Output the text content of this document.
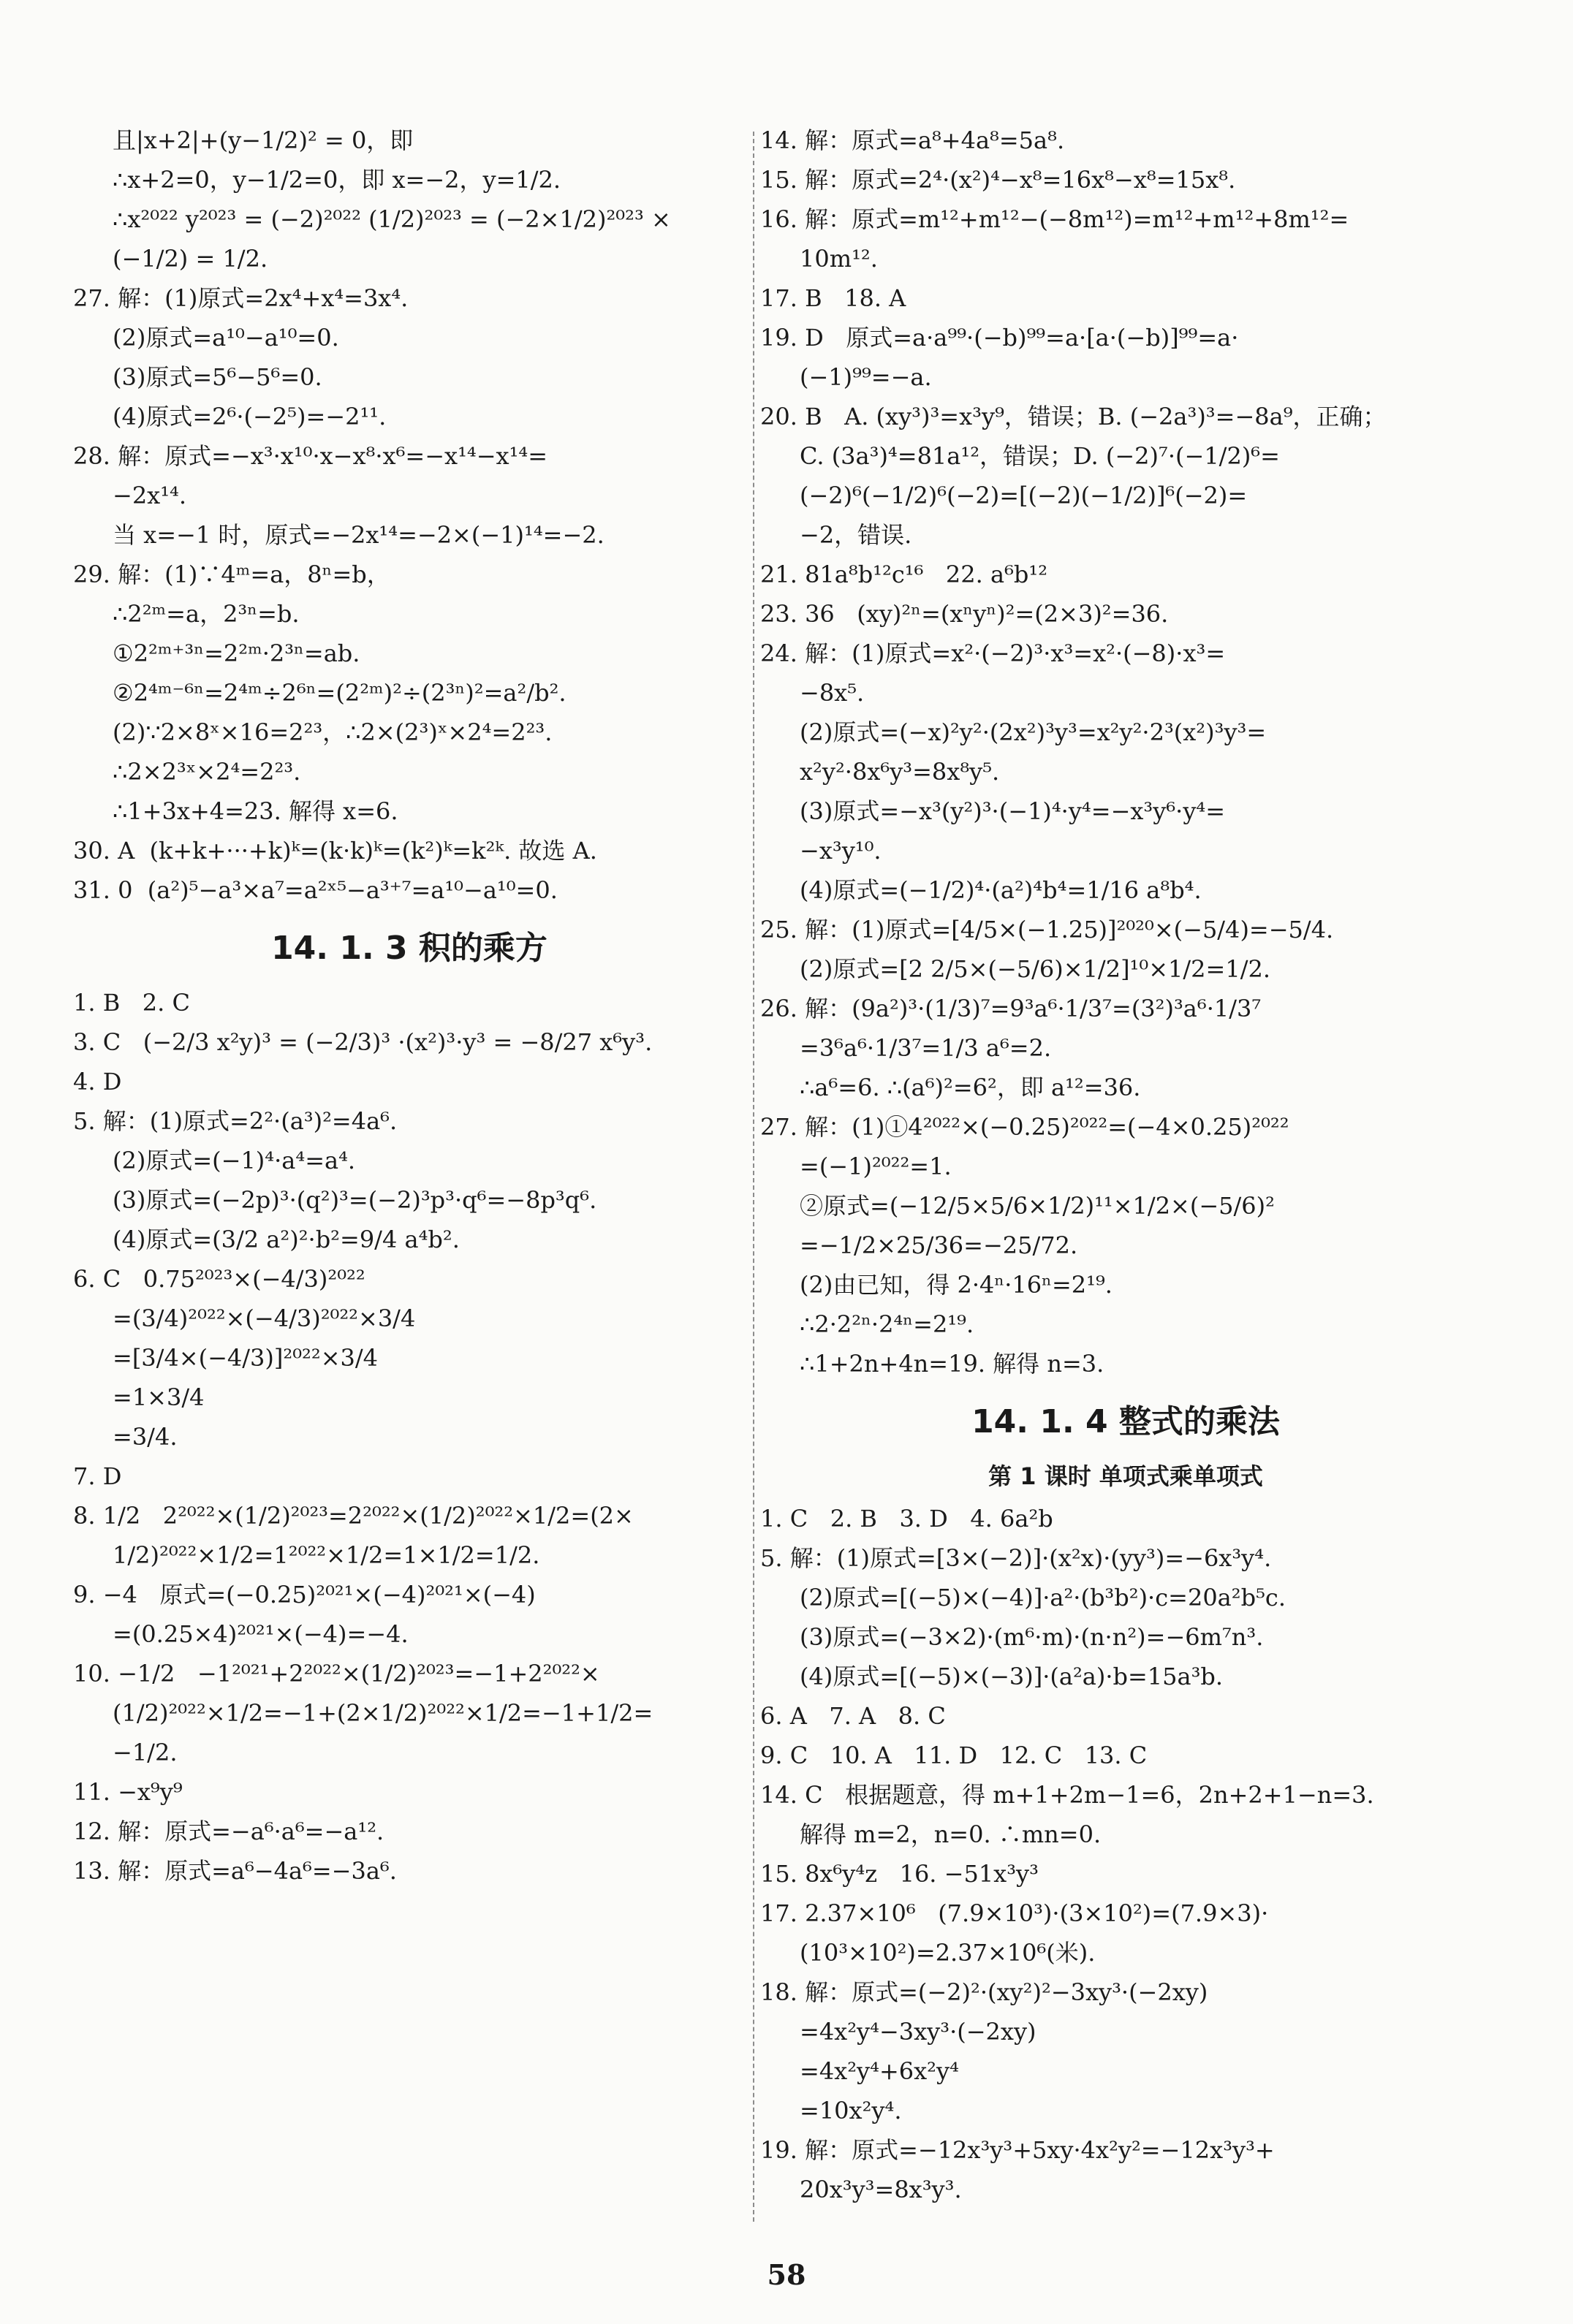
且|x+2|+(y−1/2)² = 0，即
∴x+2=0，y−1/2=0，即 x=−2，y=1/2.
∴x²⁰²² y²⁰²³ = (−2)²⁰²² (1/2)²⁰²³ = (−2×1/2)²⁰²³ ×
(−1/2) = 1/2.
27. 解：(1)原式=2x⁴+x⁴=3x⁴.
(2)原式=a¹⁰−a¹⁰=0.
(3)原式=5⁶−5⁶=0.
(4)原式=2⁶·(−2⁵)=−2¹¹.
28. 解：原式=−x³·x¹⁰·x−x⁸·x⁶=−x¹⁴−x¹⁴=
−2x¹⁴.
当 x=−1 时，原式=−2x¹⁴=−2×(−1)¹⁴=−2.
29. 解：(1)∵4ᵐ=a，8ⁿ=b，
∴2²ᵐ=a，2³ⁿ=b.
①2²ᵐ⁺³ⁿ=2²ᵐ·2³ⁿ=ab.
②2⁴ᵐ⁻⁶ⁿ=2⁴ᵐ÷2⁶ⁿ=(2²ᵐ)²÷(2³ⁿ)²=a²/b².
(2)∵2×8ˣ×16=2²³，∴2×(2³)ˣ×2⁴=2²³.
∴2×2³ˣ×2⁴=2²³.
∴1+3x+4=23. 解得 x=6.
30. A  (k+k+···+k)ᵏ=(k·k)ᵏ=(k²)ᵏ=k²ᵏ. 故选 A.
31. 0  (a²)⁵−a³×a⁷=a²ˣ⁵−a³⁺⁷=a¹⁰−a¹⁰=0.
14. 1. 3 积的乘方
1. B   2. C
3. C   (−2/3 x²y)³ = (−2/3)³ ·(x²)³·y³ = −8/27 x⁶y³.
4. D
5. 解：(1)原式=2²·(a³)²=4a⁶.
(2)原式=(−1)⁴·a⁴=a⁴.
(3)原式=(−2p)³·(q²)³=(−2)³p³·q⁶=−8p³q⁶.
(4)原式=(3/2 a²)²·b²=9/4 a⁴b².
6. C   0.75²⁰²³×(−4/3)²⁰²²
=(3/4)²⁰²²×(−4/3)²⁰²²×3/4
=[3/4×(−4/3)]²⁰²²×3/4
=1×3/4
=3/4.
7. D
8. 1/2   2²⁰²²×(1/2)²⁰²³=2²⁰²²×(1/2)²⁰²²×1/2=(2×
1/2)²⁰²²×1/2=1²⁰²²×1/2=1×1/2=1/2.
9. −4   原式=(−0.25)²⁰²¹×(−4)²⁰²¹×(−4)
=(0.25×4)²⁰²¹×(−4)=−4.
10. −1/2   −1²⁰²¹+2²⁰²²×(1/2)²⁰²³=−1+2²⁰²²×
(1/2)²⁰²²×1/2=−1+(2×1/2)²⁰²²×1/2=−1+1/2=
−1/2.
11. −x⁹y⁹
12. 解：原式=−a⁶·a⁶=−a¹².
13. 解：原式=a⁶−4a⁶=−3a⁶.
14. 解：原式=a⁸+4a⁸=5a⁸.
15. 解：原式=2⁴·(x²)⁴−x⁸=16x⁸−x⁸=15x⁸.
16. 解：原式=m¹²+m¹²−(−8m¹²)=m¹²+m¹²+8m¹²=
10m¹².
17. B   18. A
19. D   原式=a·a⁹⁹·(−b)⁹⁹=a·[a·(−b)]⁹⁹=a·
(−1)⁹⁹=−a.
20. B   A. (xy³)³=x³y⁹，错误；B. (−2a³)³=−8a⁹，正确；
C. (3a³)⁴=81a¹²，错误；D. (−2)⁷·(−1/2)⁶=
(−2)⁶(−1/2)⁶(−2)=[(−2)(−1/2)]⁶(−2)=
−2，错误.
21. 81a⁸b¹²c¹⁶   22. a⁶b¹²
23. 36   (xy)²ⁿ=(xⁿyⁿ)²=(2×3)²=36.
24. 解：(1)原式=x²·(−2)³·x³=x²·(−8)·x³=
−8x⁵.
(2)原式=(−x)²y²·(2x²)³y³=x²y²·2³(x²)³y³=
x²y²·8x⁶y³=8x⁸y⁵.
(3)原式=−x³(y²)³·(−1)⁴·y⁴=−x³y⁶·y⁴=
−x³y¹⁰.
(4)原式=(−1/2)⁴·(a²)⁴b⁴=1/16 a⁸b⁴.
25. 解：(1)原式=[4/5×(−1.25)]²⁰²⁰×(−5/4)=−5/4.
(2)原式=[2 2/5×(−5/6)×1/2]¹⁰×1/2=1/2.
26. 解：(9a²)³·(1/3)⁷=9³a⁶·1/3⁷=(3²)³a⁶·1/3⁷
=3⁶a⁶·1/3⁷=1/3 a⁶=2.
∴a⁶=6. ∴(a⁶)²=6²，即 a¹²=36.
27. 解：(1)①4²⁰²²×(−0.25)²⁰²²=(−4×0.25)²⁰²²
=(−1)²⁰²²=1.
②原式=(−12/5×5/6×1/2)¹¹×1/2×(−5/6)²
=−1/2×25/36=−25/72.
(2)由已知，得 2·4ⁿ·16ⁿ=2¹⁹.
∴2·2²ⁿ·2⁴ⁿ=2¹⁹.
∴1+2n+4n=19. 解得 n=3.
14. 1. 4 整式的乘法
第 1 课时 单项式乘单项式
1. C   2. B   3. D   4. 6a²b
5. 解：(1)原式=[3×(−2)]·(x²x)·(yy³)=−6x³y⁴.
(2)原式=[(−5)×(−4)]·a²·(b³b²)·c=20a²b⁵c.
(3)原式=(−3×2)·(m⁶·m)·(n·n²)=−6m⁷n³.
(4)原式=[(−5)×(−3)]·(a²a)·b=15a³b.
6. A   7. A   8. C
9. C   10. A   11. D   12. C   13. C
14. C   根据题意，得 m+1+2m−1=6，2n+2+1−n=3.
解得 m=2，n=0. ∴mn=0.
15. 8x⁶y⁴z   16. −51x³y³
17. 2.37×10⁶   (7.9×10³)·(3×10²)=(7.9×3)·
(10³×10²)=2.37×10⁶(米).
18. 解：原式=(−2)²·(xy²)²−3xy³·(−2xy)
=4x²y⁴−3xy³·(−2xy)
=4x²y⁴+6x²y⁴
=10x²y⁴.
19. 解：原式=−12x³y³+5xy·4x²y²=−12x³y³+
20x³y³=8x³y³.
58
